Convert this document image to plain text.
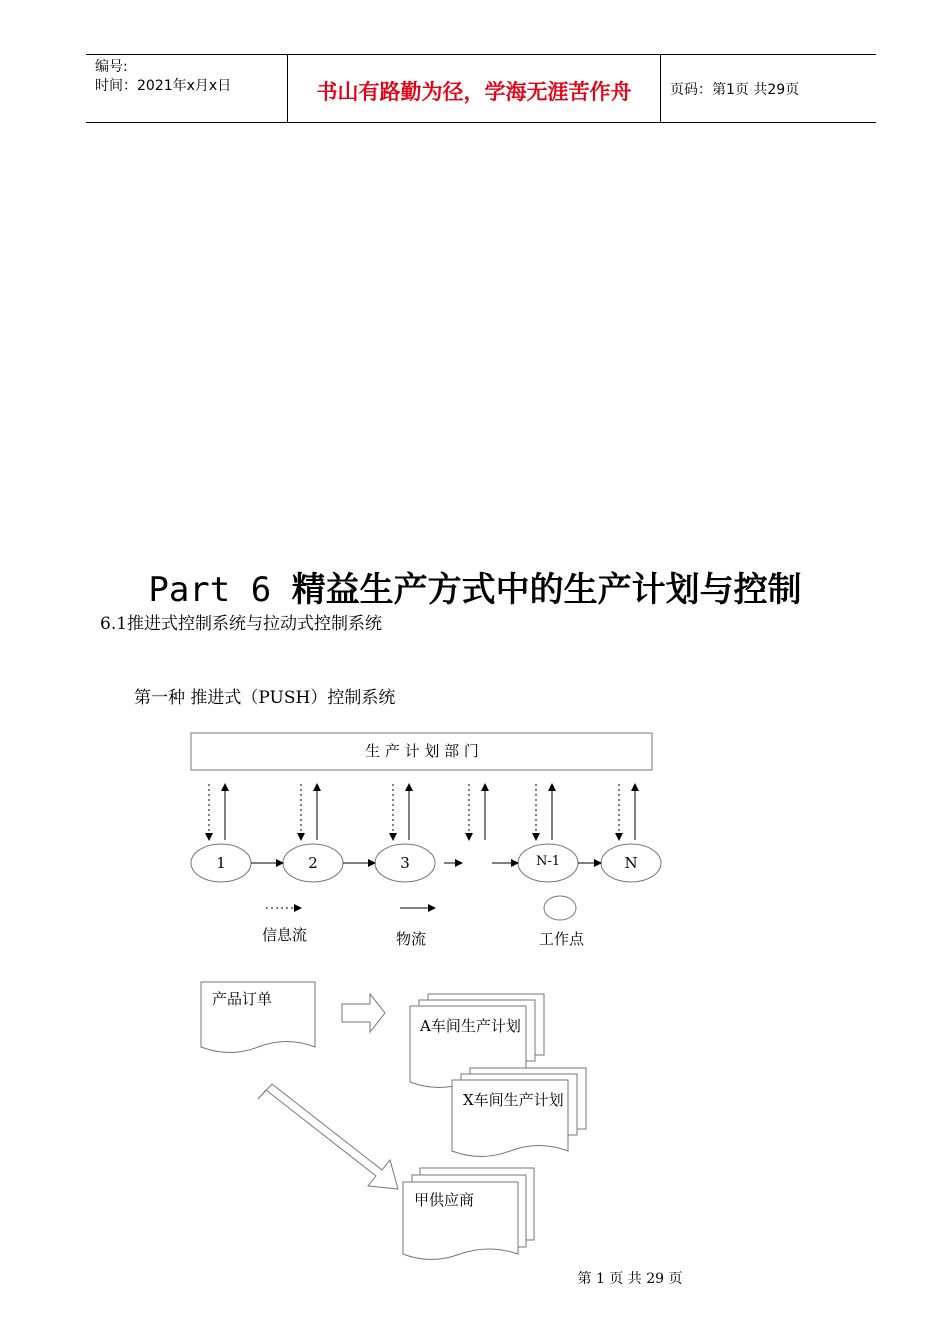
编号:
时间：2021年x月x日	书山有路勤为径，学海无涯苦作舟	页码：第1页 共29页
Part 6 精益生产方式中的生产计划与控制
6.1推进式控制系统与拉动式控制系统
第一种 推进式（PUSH）控制系统
生 产 计 划 部 门
1	2	3	N-1	N
信息流	物流	工作点
产品订单
A车间生产计划
X车间生产计划
甲供应商
第 1 页 共 29 页
